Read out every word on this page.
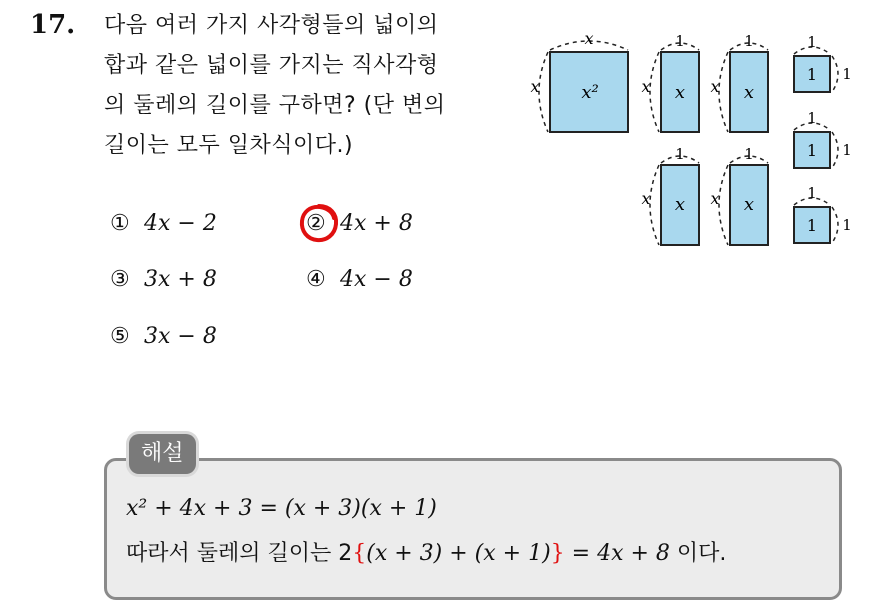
17. 다음 여러 가지 사각형들의 넓이의
합과 같은 넓이를 가지는 직사각형
의 둘레의 길이를 구하면? (단 변의
길이는 모두 일차식이다.)
① 4x − 2	② 4x + 8
③ 3x + 8	④ 4x − 8
⑤ 3x − 8
x²
x
x	x
1
x	x
1
x
x
1
x	x
1
x
1
1
1
1
1
1
1
1
1
해설
x² + 4x + 3 = (x + 3)(x + 1)
따라서 둘레의 길이는 2{(x + 3) + (x + 1)} = 4x + 8 이다.
